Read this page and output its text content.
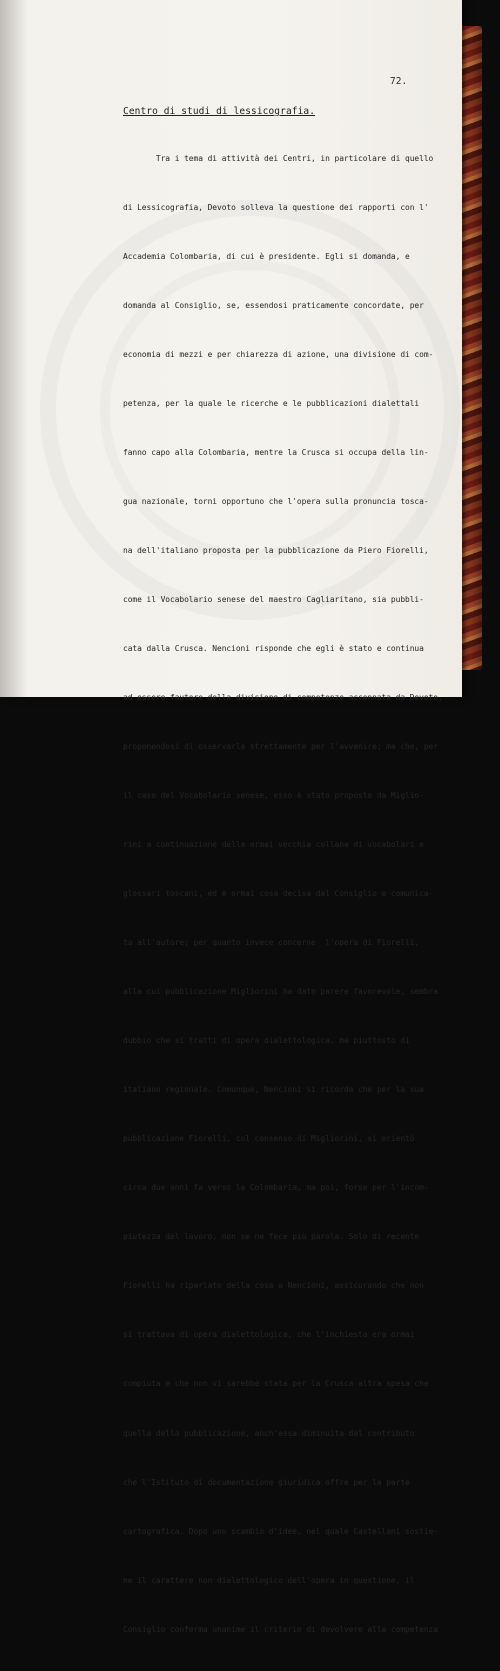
72.
Centro di studi di lessicografia.

Tra i tema di attività dei Centri, in particolare di quello

di Lessicografia, Devoto solleva la questione dei rapporti con l'

Accademia Colombaria, di cui è presidente. Egli si domanda, e

domanda al Consiglio, se, essendosi praticamente concordate, per

economia di mezzi e per chiarezza di azione, una divisione di com-

petenza, per la quale le ricerche e le pubblicazioni dialettali

fanno capo alla Colombaria, mentre la Crusca si occupa della lin-

gua nazionale, torni opportuno che l'opera sulla pronuncia tosca-

na dell'italiano proposta per la pubblicazione da Piero Fiorelli,

come il Vocabolario senese del maestro Cagliaritano, sia pubbli-

cata dalla Crusca. Nencioni risponde che egli è stato e continua

ad essere fautore della divisione di competenze accennata da Devoto,

proponendosi di osservarla strettamente per l'avvenire; ma che, per

il caso del Vocabolario senese, esso è stato proposto da Miglio-

rini a continuazione della ormai vecchia collana di vocabolari e

glossari toscani, ed è ormai cosa decisa dal Consiglio e comunica-

ta all'autore; per quanto invece concerne  l'opera di Fiorelli,

alla cui pubblicazione Migliorini ha dato parere favorevole, sembra

dubbio che si tratti di opera dialettologica, ma piuttosto di

italiano regionale. Comunque, Nencioni si ricorda che per la sua

pubblicazione Fiorelli, col consenso di Migliorini, si orientò

circa due anni fa verso la Colombaria, ma poi, forse per l'incom-

piutezza del lavoro, non se ne fece più parola. Solo di recente

Fiorelli ha riparlato della cosa a Nencioni, assicurando che non

si trattava di opera dialettologica, che l'inchiesta era ormai

compiuta e che non vi sarebbe stata per la Crusca altra spesa che

quella della pubblicazione, anch'essa diminuita dal contributo

che l'Istituto di documentazione giuridica offre per la parte

cartografica. Dopo uno scambio d'idee, nel quale Castellani sostie-

ne il carattere non dialettologico dell'opera in questione, il

Consiglio conferma unanime il criterio di devolvere alla competenza
